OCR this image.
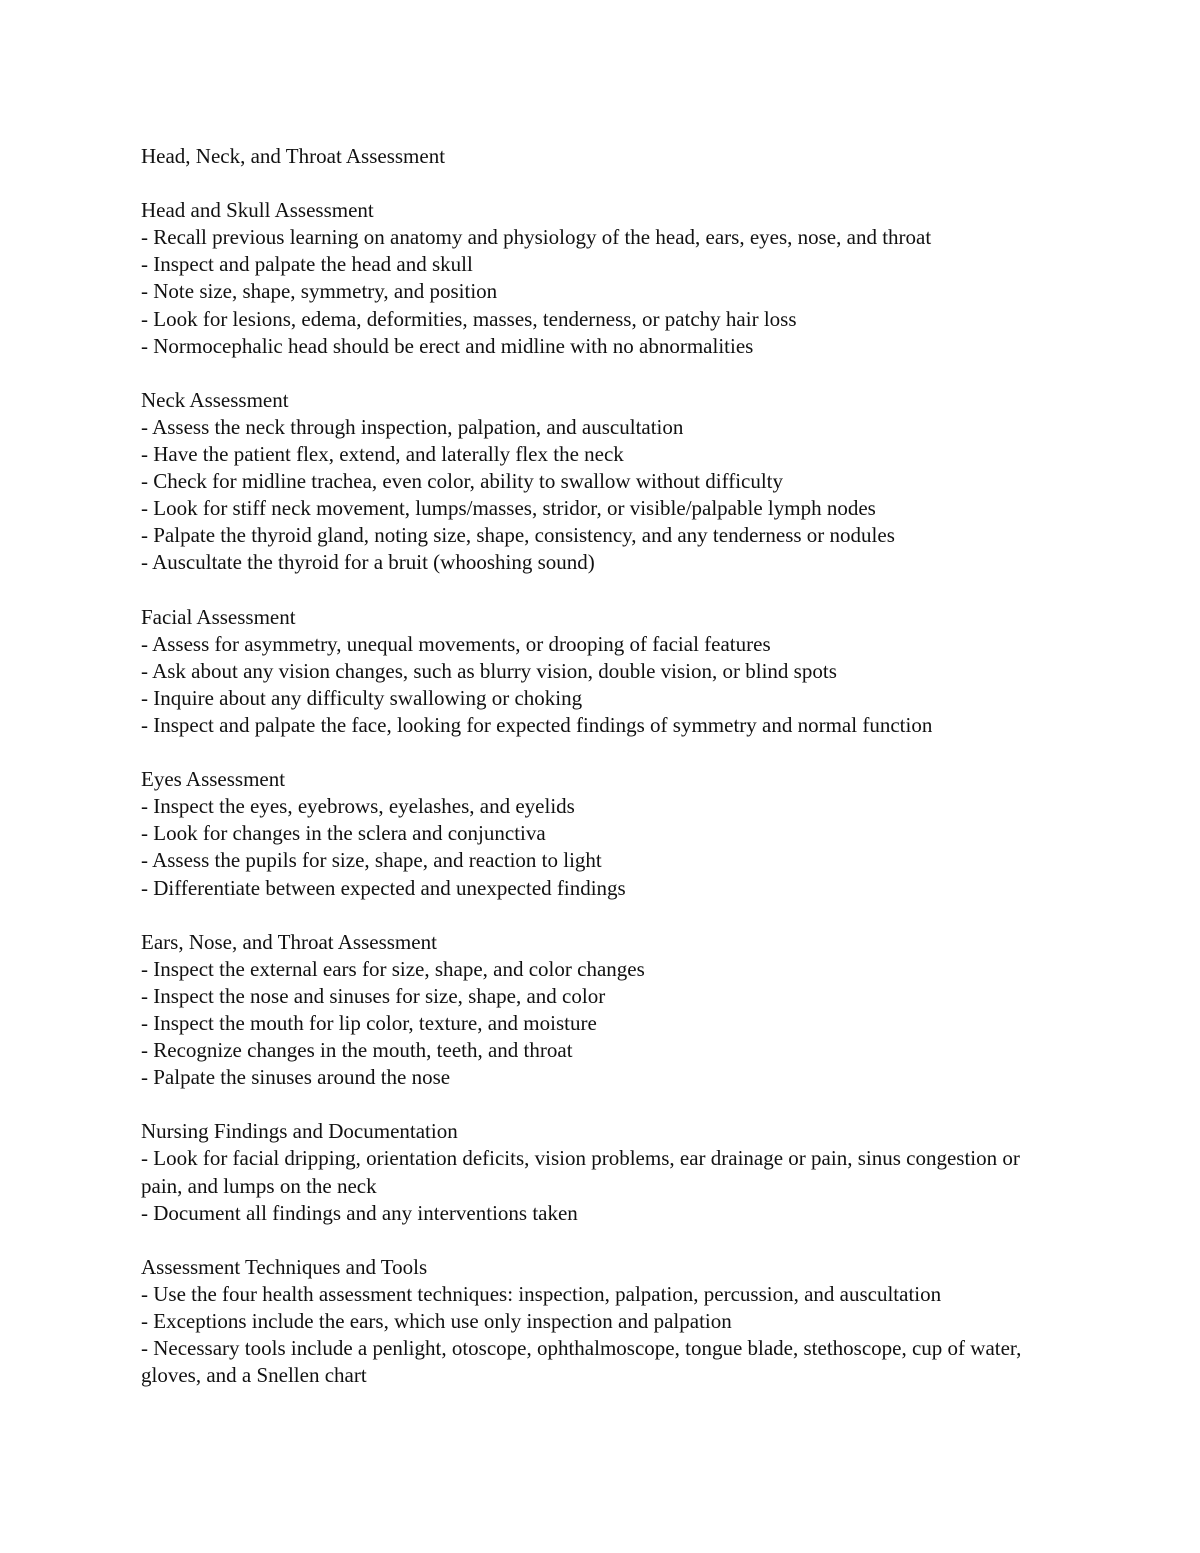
Head, Neck, and Throat Assessment
Head and Skull Assessment
- Recall previous learning on anatomy and physiology of the head, ears, eyes, nose, and throat
- Inspect and palpate the head and skull
- Note size, shape, symmetry, and position
- Look for lesions, edema, deformities, masses, tenderness, or patchy hair loss
- Normocephalic head should be erect and midline with no abnormalities
Neck Assessment
- Assess the neck through inspection, palpation, and auscultation
- Have the patient flex, extend, and laterally flex the neck
- Check for midline trachea, even color, ability to swallow without difficulty
- Look for stiff neck movement, lumps/masses, stridor, or visible/palpable lymph nodes
- Palpate the thyroid gland, noting size, shape, consistency, and any tenderness or nodules
- Auscultate the thyroid for a bruit (whooshing sound)
Facial Assessment
- Assess for asymmetry, unequal movements, or drooping of facial features
- Ask about any vision changes, such as blurry vision, double vision, or blind spots
- Inquire about any difficulty swallowing or choking
- Inspect and palpate the face, looking for expected findings of symmetry and normal function
Eyes Assessment
- Inspect the eyes, eyebrows, eyelashes, and eyelids
- Look for changes in the sclera and conjunctiva
- Assess the pupils for size, shape, and reaction to light
- Differentiate between expected and unexpected findings
Ears, Nose, and Throat Assessment
- Inspect the external ears for size, shape, and color changes
- Inspect the nose and sinuses for size, shape, and color
- Inspect the mouth for lip color, texture, and moisture
- Recognize changes in the mouth, teeth, and throat
- Palpate the sinuses around the nose
Nursing Findings and Documentation
- Look for facial dripping, orientation deficits, vision problems, ear drainage or pain, sinus congestion or pain, and lumps on the neck
- Document all findings and any interventions taken
Assessment Techniques and Tools
- Use the four health assessment techniques: inspection, palpation, percussion, and auscultation
- Exceptions include the ears, which use only inspection and palpation
- Necessary tools include a penlight, otoscope, ophthalmoscope, tongue blade, stethoscope, cup of water, gloves, and a Snellen chart
